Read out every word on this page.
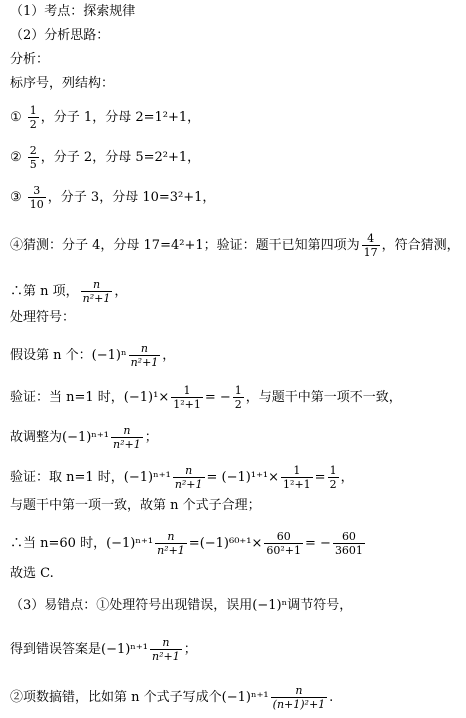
（1）考点：探索规律
（2）分析思路：
分析：
标序号，列结构：
① $\frac{1}{2}$ ，分子 1，分母 2=1²+1，
② $\frac{2}{5}$ ，分子 2，分母 5=2²+1，
③ $\frac{3}{10}$ ，分子 3，分母 10=3²+1，
④猜测：分子 4，分母 17=4²+1；验证：题干已知第四项为 $\frac{4}{17}$ ，符合猜测，
∴第 n 项， $\frac{n}{\text{n²+1}}$ ，
处理符号：
假设第 n 个：$(-1)^n \frac{n}{\text{n²+1}}$ ，
验证：当 n=1 时，$(-1)^1\times \frac{1}{\text{1²+1}}$ = − $\frac{1}{2}$ ，与题干中第一项不一致，
故调整为$(-1)^{n+1} \frac{n}{\text{n²+1}}$ ；
验证：取 n=1 时，$(-1)^{n+1} \frac{n}{\text{n²+1}} = (-1)^{1+1}\times \frac{1}{\text{1²+1}} = \frac{1}{2}$ ，
与题干中第一项一致，故第 n 个式子合理；
∴当 n=60 时，$(-1)^{n+1} \frac{n}{\text{n²+1}} =(-1)^{60+1}\times \frac{60}{\text{60²+1}}$ = − $\frac{60}{3601}$
故选 C.
（3）易错点：①处理符号出现错误，误用(−1)ⁿ调节符号，
得到错误答案是$(-1)^{n+1} \frac{n}{\text{n²+1}}$ ；
②项数搞错，比如第 n 个式子写成个$(-1)^{n+1} \frac{n}{\text{(n+1)²+1}}$ .
